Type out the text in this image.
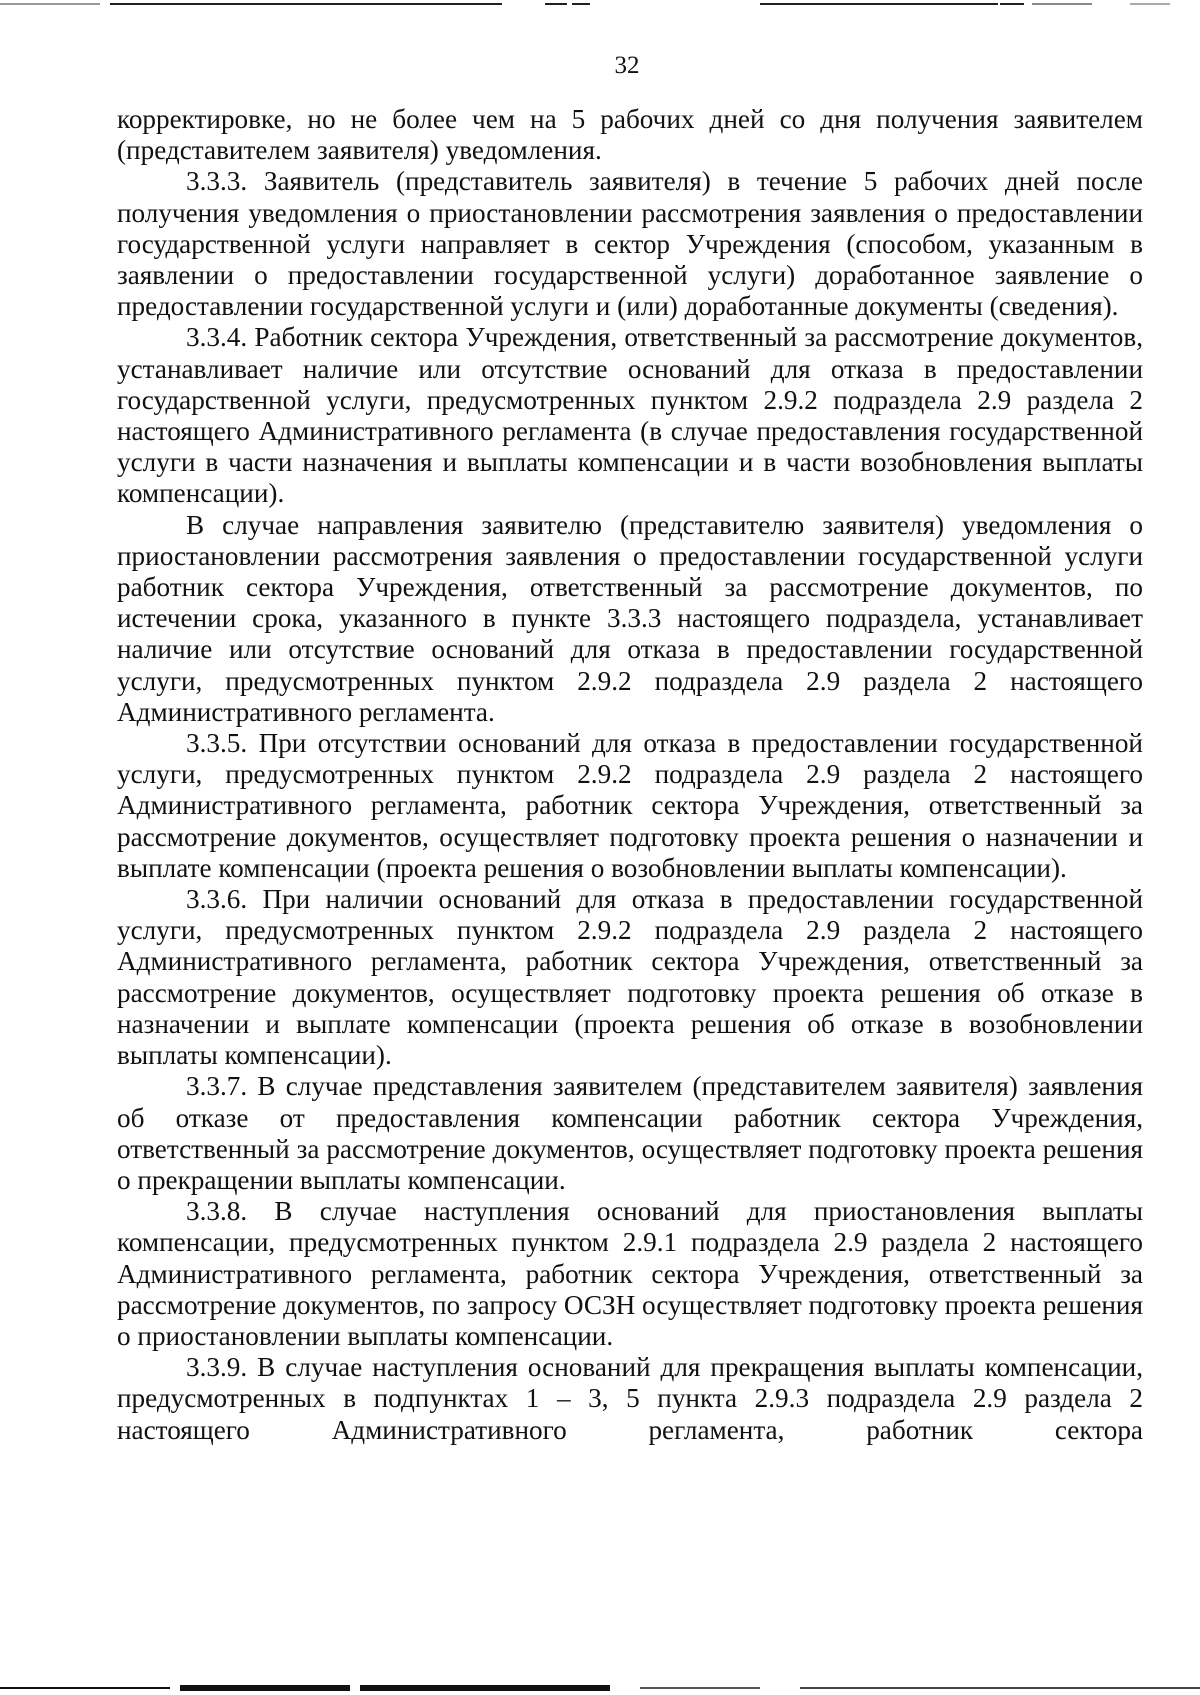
32

корректировке, но не более чем на 5 рабочих дней со дня получения заявителем (представителем заявителя) уведомления.

3.3.3. Заявитель (представитель заявителя) в течение 5 рабочих дней после получения уведомления о приостановлении рассмотрения заявления о предоставлении государственной услуги направляет в сектор Учреждения (способом, указанным в заявлении о предоставлении государственной услуги) доработанное заявление о предоставлении государственной услуги и (или) доработанные документы (сведения).

3.3.4. Работник сектора Учреждения, ответственный за рассмотрение документов, устанавливает наличие или отсутствие оснований для отказа в предоставлении государственной услуги, предусмотренных пунктом 2.9.2 подраздела 2.9 раздела 2 настоящего Административного регламента (в случае предоставления государственной услуги в части назначения и выплаты компенсации и в части возобновления выплаты компенсации).

В случае направления заявителю (представителю заявителя) уведомления о приостановлении рассмотрения заявления о предоставлении государственной услуги работник сектора Учреждения, ответственный за рассмотрение документов, по истечении срока, указанного в пункте 3.3.3 настоящего подраздела, устанавливает наличие или отсутствие оснований для отказа в предоставлении государственной услуги, предусмотренных пунктом 2.9.2 подраздела 2.9 раздела 2 настоящего Административного регламента.

3.3.5. При отсутствии оснований для отказа в предоставлении государственной услуги, предусмотренных пунктом 2.9.2 подраздела 2.9 раздела 2 настоящего Административного регламента, работник сектора Учреждения, ответственный за рассмотрение документов, осуществляет подготовку проекта решения о назначении и выплате компенсации (проекта решения о возобновлении выплаты компенсации).

3.3.6. При наличии оснований для отказа в предоставлении государственной услуги, предусмотренных пунктом 2.9.2 подраздела 2.9 раздела 2 настоящего Административного регламента, работник сектора Учреждения, ответственный за рассмотрение документов, осуществляет подготовку проекта решения об отказе в назначении и выплате компенсации (проекта решения об отказе в возобновлении выплаты компенсации).

3.3.7. В случае представления заявителем (представителем заявителя) заявления об отказе от предоставления компенсации работник сектора Учреждения, ответственный за рассмотрение документов, осуществляет подготовку проекта решения о прекращении выплаты компенсации.

3.3.8. В случае наступления оснований для приостановления выплаты компенсации, предусмотренных пунктом 2.9.1 подраздела 2.9 раздела 2 настоящего Административного регламента, работник сектора Учреждения, ответственный за рассмотрение документов, по запросу ОСЗН осуществляет подготовку проекта решения о приостановлении выплаты компенсации.

3.3.9. В случае наступления оснований для прекращения выплаты компенсации, предусмотренных в подпунктах 1 – 3, 5 пункта 2.9.3 подраздела 2.9 раздела 2 настоящего Административного регламента, работник сектора
